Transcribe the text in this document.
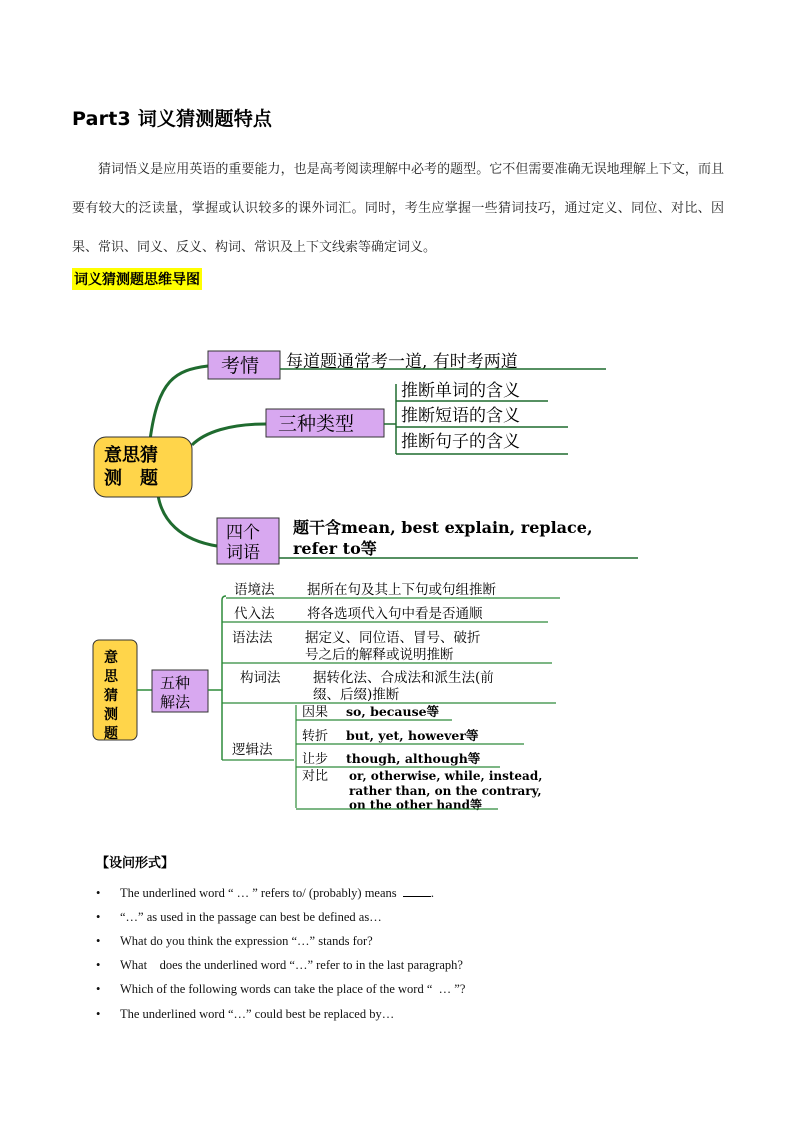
Part3 词义猜测题特点
猜词悟义是应用英语的重要能力，也是高考阅读理解中必考的题型。它不但需要准确无误地理解上下文，而且要有较大的泛读量，掌握或认识较多的课外词汇。同时，考生应掌握一些猜词技巧，通过定义、同位、对比、因果、常识、同义、反义、构词、常识及上下文线索等确定词义。
词义猜测题思维导图
意思猜
测　题
考情 每道题通常考一道, 有时考两道
三种类型
推断单词的含义
推断短语的含义
推断句子的含义
四个
词语
题干含mean, best explain, replace,
refer to等
意
思
猜
测
题
五种
解法
语境法 据所在句及其上下句或句组推断
代入法 将各选项代入句中看是否通顺
语法法 据定义、同位语、冒号、破折
号之后的解释或说明推断
构词法 据转化法、合成法和派生法(前
缀、后缀)推断
逻辑法
因果 so, because等
转折 but, yet, however等
让步 though, although等
对比 or, otherwise, while, instead,
rather than, on the contrary,
on the other hand等
【设问形式】
• The underlined word “ … ” refers to/ (probably) means	.
• “…” as used in the passage can best be defined as…
• What do you think the expression “…” stands for?
• What    does the underlined word “…” refer to in the last paragraph?
• Which of the following words can take the place of the word “  … ”?
• The underlined word “…” could best be replaced by…
